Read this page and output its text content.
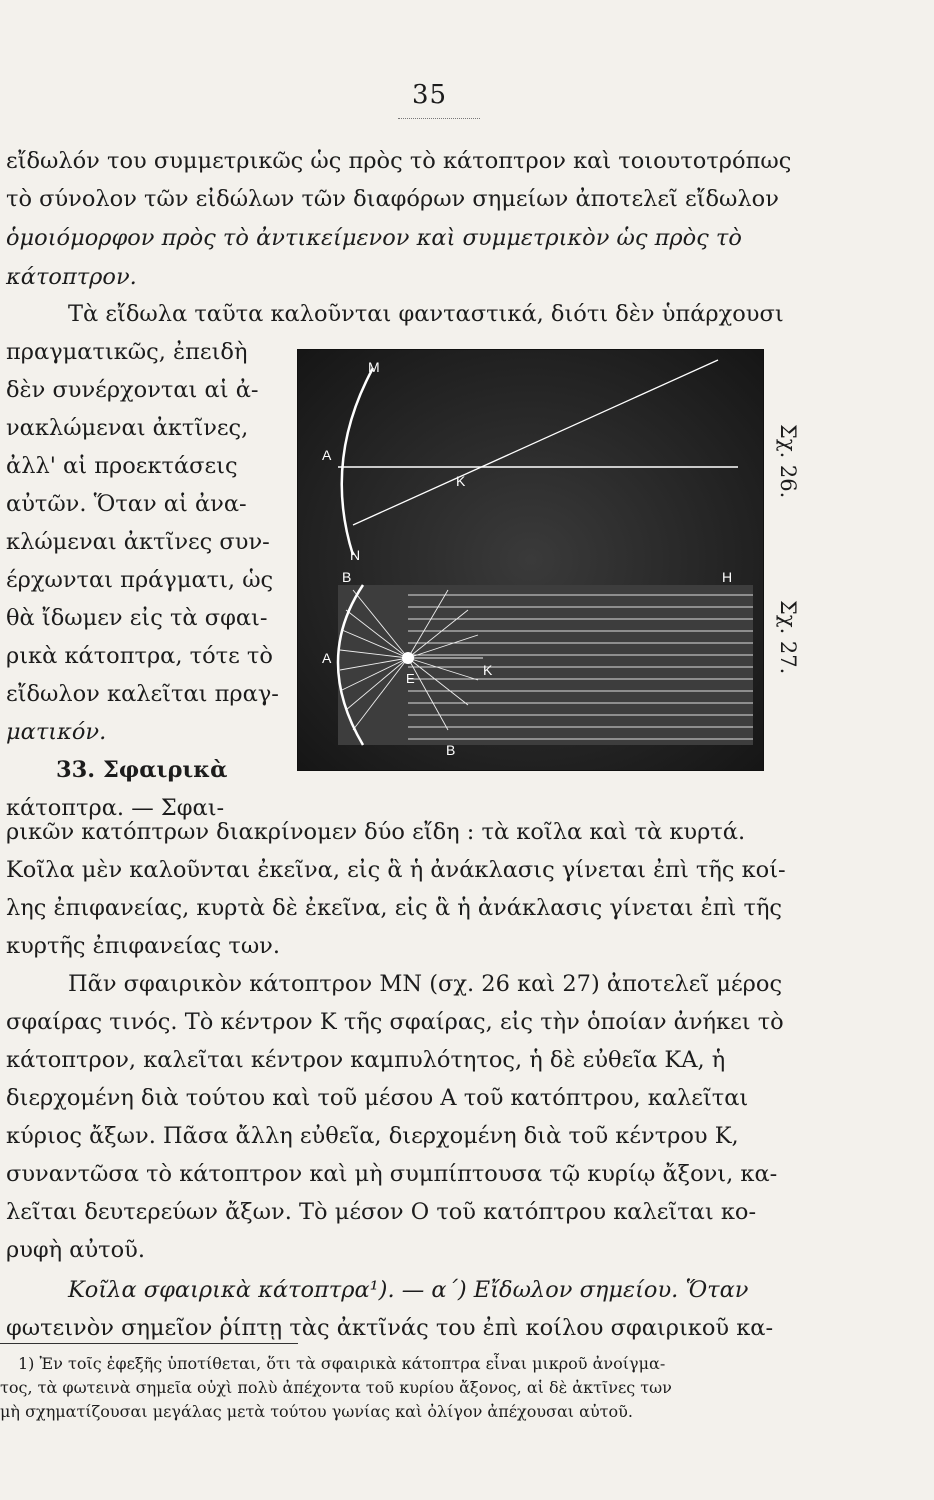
35
εἴδωλόν του συμμετρικῶς ὡς πρὸς τὸ κάτοπτρον καὶ τοιουτοτρόπως
τὸ σύνολον τῶν εἰδώλων τῶν διαφόρων σημείων ἀποτελεῖ εἴδωλον
ὁμοιόμορφον πρὸς τὸ ἀντικείμενον καὶ συμμετρικὸν ὡς πρὸς τὸ
κάτοπτρον.
Τὰ εἴδωλα ταῦτα καλοῦνται φανταστικά, διότι δὲν ὑπάρχουσι
πραγματικῶς, ἐπειδὴ
δὲν συνέρχονται αἱ ἀ-
νακλώμεναι ἀκτῖνες,
ἀλλ' αἱ προεκτάσεις
αὐτῶν. Ὅταν αἱ ἀνα-
κλώμεναι ἀκτῖνες συν-
έρχωνται πράγματι, ὡς
θὰ ἴδωμεν εἰς τὰ σφαι-
ρικὰ κάτοπτρα, τότε τὸ
εἴδωλον καλεῖται πραγ-
ματικόν.
33. Σφαιρικὰ
κάτοπτρα. — Σφαι-
M
A
K
N
B
A
E
K
B
H
Σχ. 26.
Σχ. 27.
ρικῶν κατόπτρων διακρίνομεν δύο εἴδη : τὰ κοῖλα καὶ τὰ κυρτά.
Κοῖλα μὲν καλοῦνται ἐκεῖνα, εἰς ἃ ἡ ἀνάκλασις γίνεται ἐπὶ τῆς κοί-
λης ἐπιφανείας, κυρτὰ δὲ ἐκεῖνα, εἰς ἃ ἡ ἀνάκλασις γίνεται ἐπὶ τῆς
κυρτῆς ἐπιφανείας των.
Πᾶν σφαιρικὸν κάτοπτρον ΜΝ (σχ. 26 καὶ 27) ἀποτελεῖ μέρος
σφαίρας τινός. Τὸ κέντρον Κ τῆς σφαίρας, εἰς τὴν ὁποίαν ἀνήκει τὸ
κάτοπτρον, καλεῖται κέντρον καμπυλότητος, ἡ δὲ εὐθεῖα ΚΑ, ἡ
διερχομένη διὰ τούτου καὶ τοῦ μέσου Α τοῦ κατόπτρου, καλεῖται
κύριος ἄξων. Πᾶσα ἄλλη εὐθεῖα, διερχομένη διὰ τοῦ κέντρου Κ,
συναντῶσα τὸ κάτοπτρον καὶ μὴ συμπίπτουσα τῷ κυρίῳ ἄξονι, κα-
λεῖται δευτερεύων ἄξων. Τὸ μέσον Ο τοῦ κατόπτρου καλεῖται κο-
ρυφὴ αὐτοῦ.
Κοῖλα σφαιρικὰ κάτοπτρα¹). — α΄) Εἴδωλον σημείου. Ὅταν
φωτεινὸν σημεῖον ῥίπτῃ τὰς ἀκτῖνάς του ἐπὶ κοίλου σφαιρικοῦ κα-
1) Ἐν τοῖς ἑφεξῆς ὑποτίθεται, ὅτι τὰ σφαιρικὰ κάτοπτρα εἶναι μικροῦ ἀνοίγμα-
τος, τὰ φωτεινὰ σημεῖα οὐχὶ πολὺ ἀπέχοντα τοῦ κυρίου ἄξονος, αἱ δὲ ἀκτῖνες των
μὴ σχηματίζουσαι μεγάλας μετὰ τούτου γωνίας καὶ ὀλίγον ἀπέχουσαι αὐτοῦ.
